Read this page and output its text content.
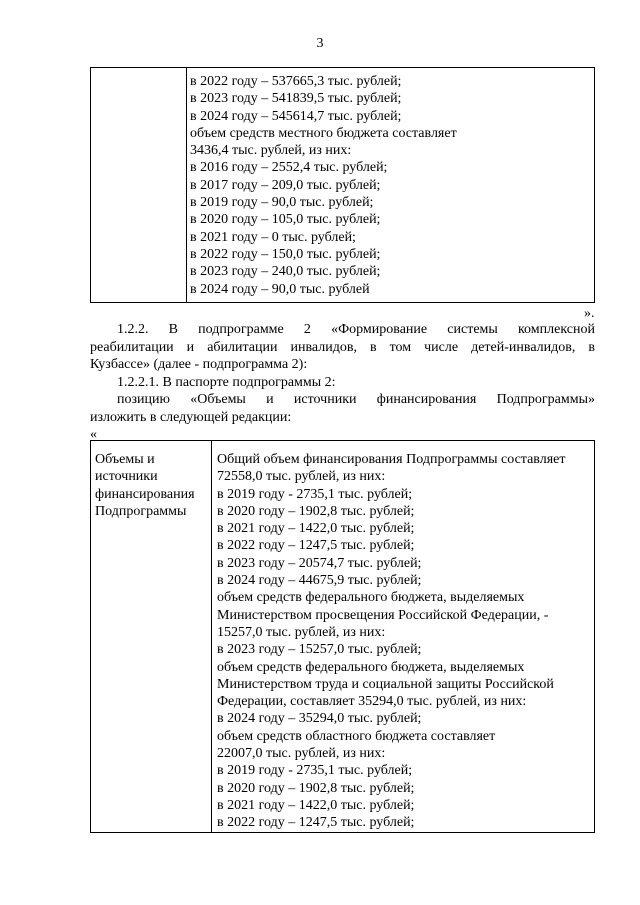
3
в 2022 году – 537665,3 тыс. рублей;
в 2023 году – 541839,5 тыс. рублей;
в 2024 году – 545614,7 тыс. рублей;
объем средств местного бюджета составляет
3436,4 тыс. рублей, из них:
в 2016 году – 2552,4 тыс. рублей;
в 2017 году – 209,0 тыс. рублей;
в 2019 году – 90,0 тыс. рублей;
в 2020 году – 105,0 тыс. рублей;
в 2021 году – 0 тыс. рублей;
в 2022 году – 150,0 тыс. рублей;
в 2023 году – 240,0 тыс. рублей;
в 2024 году – 90,0 тыс. рублей
».
1.2.2. В подпрограмме 2 «Формирование системы комплексной
реабилитации и абилитации инвалидов, в том числе детей-инвалидов, в
Кузбассе» (далее - подпрограмма 2):
1.2.2.1. В паспорте подпрограммы 2:
позицию «Объемы и источники финансирования Подпрограммы»
изложить в следующей редакции:
«
Объемы и
источники
финансирования
Подпрограммы
Общий объем финансирования Подпрограммы составляет
72558,0 тыс. рублей, из них:
в 2019 году - 2735,1 тыс. рублей;
в 2020 году – 1902,8 тыс. рублей;
в 2021 году – 1422,0 тыс. рублей;
в 2022 году – 1247,5 тыс. рублей;
в 2023 году – 20574,7 тыс. рублей;
в 2024 году – 44675,9 тыс. рублей;
объем средств федерального бюджета, выделяемых
Министерством просвещения Российской Федерации, -
15257,0 тыс. рублей, из них:
в 2023 году – 15257,0 тыс. рублей;
объем средств федерального бюджета, выделяемых
Министерством труда и социальной защиты Российской
Федерации, составляет 35294,0 тыс. рублей, из них:
в 2024 году – 35294,0 тыс. рублей;
объем средств областного бюджета составляет
22007,0 тыс. рублей, из них:
в 2019 году - 2735,1 тыс. рублей;
в 2020 году – 1902,8 тыс. рублей;
в 2021 году – 1422,0 тыс. рублей;
в 2022 году – 1247,5 тыс. рублей;
